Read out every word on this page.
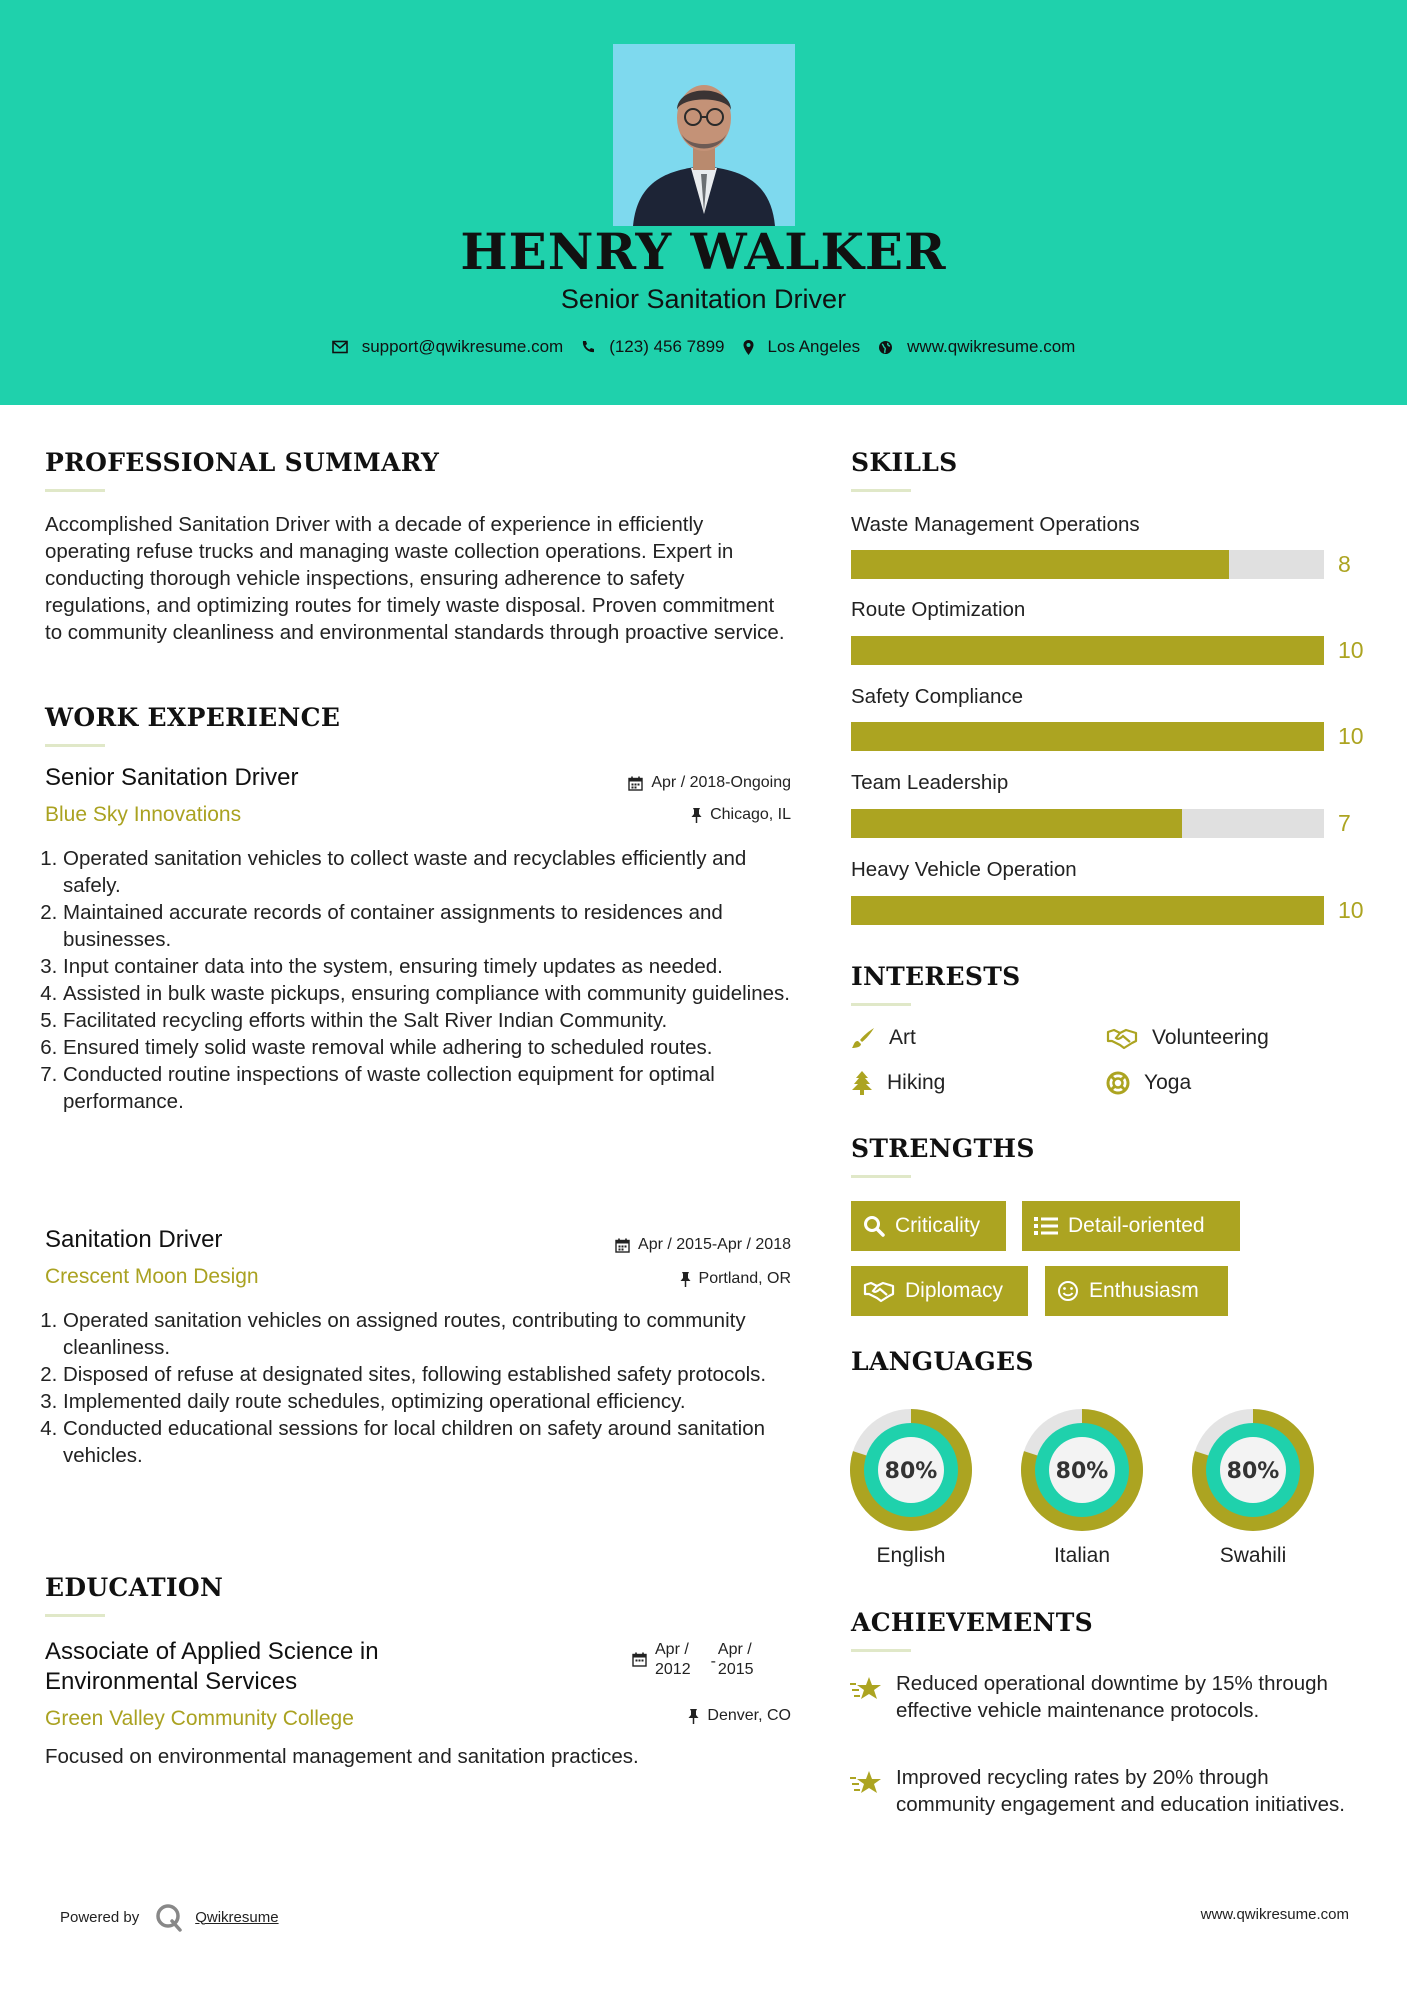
HENRY WALKER
Senior Sanitation Driver
support@qwikresume.com	(123) 456 7899	Los Angeles	www.qwikresume.com
PROFESSIONAL SUMMARY
Accomplished Sanitation Driver with a decade of experience in efficiently operating refuse trucks and managing waste collection operations. Expert in conducting thorough vehicle inspections, ensuring adherence to safety regulations, and optimizing routes for timely waste disposal. Proven commitment to community cleanliness and environmental standards through proactive service.
WORK EXPERIENCE
Senior Sanitation Driver
Blue Sky Innovations
Apr / 2018-Ongoing
Chicago, IL
1. Operated sanitation vehicles to collect waste and recyclables efficiently and safely.
2. Maintained accurate records of container assignments to residences and businesses.
3. Input container data into the system, ensuring timely updates as needed.
4. Assisted in bulk waste pickups, ensuring compliance with community guidelines.
5. Facilitated recycling efforts within the Salt River Indian Community.
6. Ensured timely solid waste removal while adhering to scheduled routes.
7. Conducted routine inspections of waste collection equipment for optimal performance.
Sanitation Driver
Crescent Moon Design
Apr / 2015-Apr / 2018
Portland, OR
1. Operated sanitation vehicles on assigned routes, contributing to community cleanliness.
2. Disposed of refuse at designated sites, following established safety protocols.
3. Implemented daily route schedules, optimizing operational efficiency.
4. Conducted educational sessions for local children on safety around sanitation vehicles.
EDUCATION
Associate of Applied Science in
Environmental Services
Green Valley Community College
Apr /
2012 -
Apr /
2015
Denver, CO
Focused on environmental management and sanitation practices.
SKILLS
Waste Management Operations
8
Route Optimization
10
Safety Compliance
10
Team Leadership
7
Heavy Vehicle Operation
10
INTERESTS
Art	Volunteering
Hiking	Yoga
STRENGTHS
Criticality	Detail-oriented
Diplomacy	Enthusiasm
LANGUAGES
80%	80%	80%
English	Italian	Swahili
ACHIEVEMENTS
Reduced operational downtime by 15% through effective vehicle maintenance protocols.
Improved recycling rates by 20% through community engagement and education initiatives.
Powered by	Qwikresume	www.qwikresume.com
